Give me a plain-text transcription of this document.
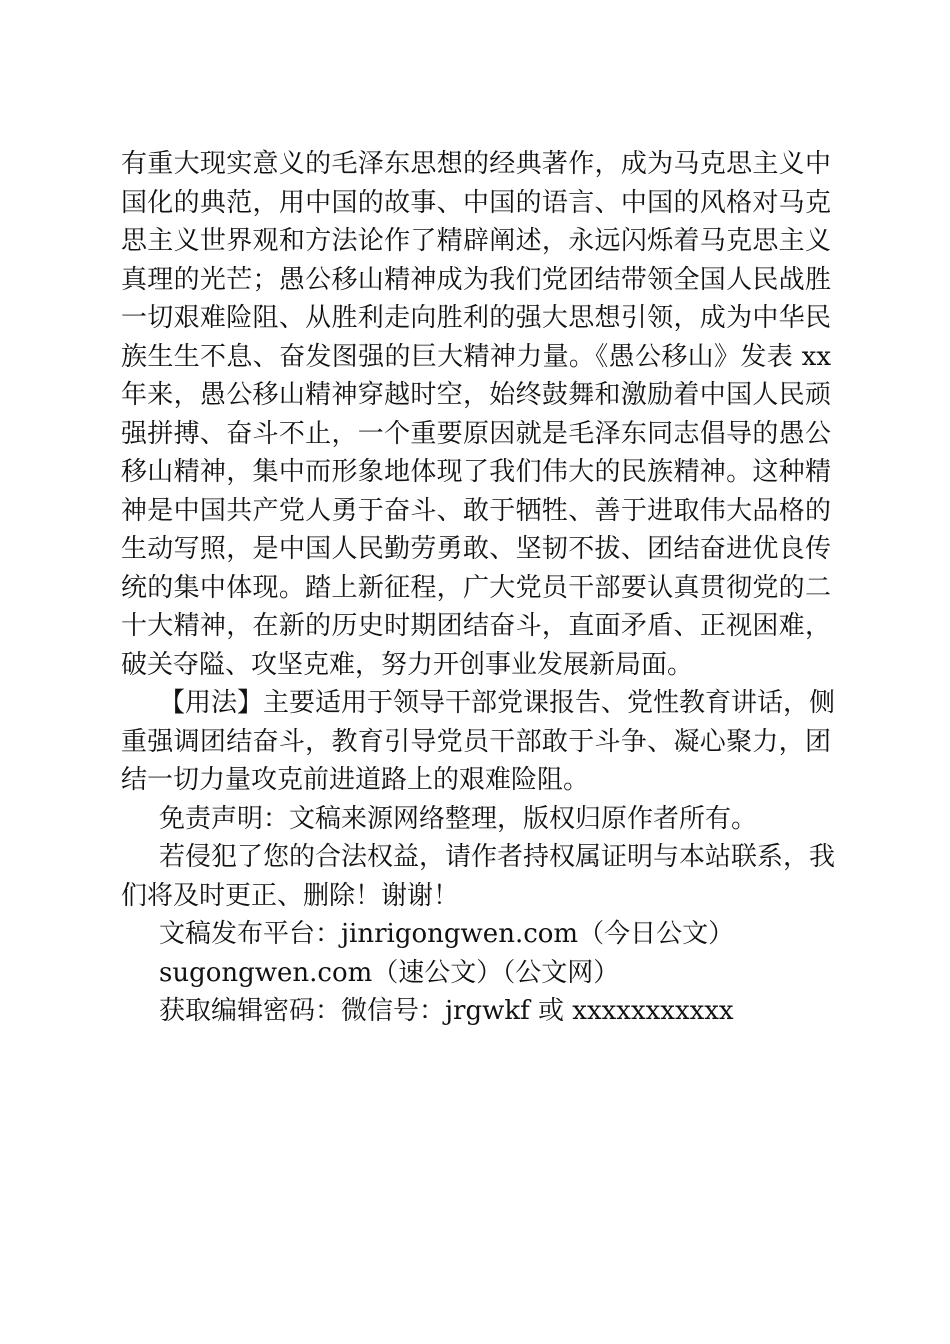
有重大现实意义的毛泽东思想的经典著作，成为马克思主义中
国化的典范，用中国的故事、中国的语言、中国的风格对马克
思主义世界观和方法论作了精辟阐述，永远闪烁着马克思主义
真理的光芒；愚公移山精神成为我们党团结带领全国人民战胜
一切艰难险阻、从胜利走向胜利的强大思想引领，成为中华民
族生生不息、奋发图强的巨大精神力量。《愚公移山》发表 xx
年来，愚公移山精神穿越时空，始终鼓舞和激励着中国人民顽
强拼搏、奋斗不止，一个重要原因就是毛泽东同志倡导的愚公
移山精神，集中而形象地体现了我们伟大的民族精神。这种精
神是中国共产党人勇于奋斗、敢于牺牲、善于进取伟大品格的
生动写照，是中国人民勤劳勇敢、坚韧不拔、团结奋进优良传
统的集中体现。踏上新征程，广大党员干部要认真贯彻党的二
十大精神，在新的历史时期团结奋斗，直面矛盾、正视困难，
破关夺隘、攻坚克难，努力开创事业发展新局面。
【用法】主要适用于领导干部党课报告、党性教育讲话，侧
重强调团结奋斗，教育引导党员干部敢于斗争、凝心聚力，团
结一切力量攻克前进道路上的艰难险阻。
免责声明：文稿来源网络整理，版权归原作者所有。
若侵犯了您的合法权益，请作者持权属证明与本站联系，我
们将及时更正、删除！谢谢！
文稿发布平台：jinrigongwen.com（今日公文）
sugongwen.com（速公文）（公文网）
获取编辑密码：微信号：jrgwkf 或 xxxxxxxxxxx
